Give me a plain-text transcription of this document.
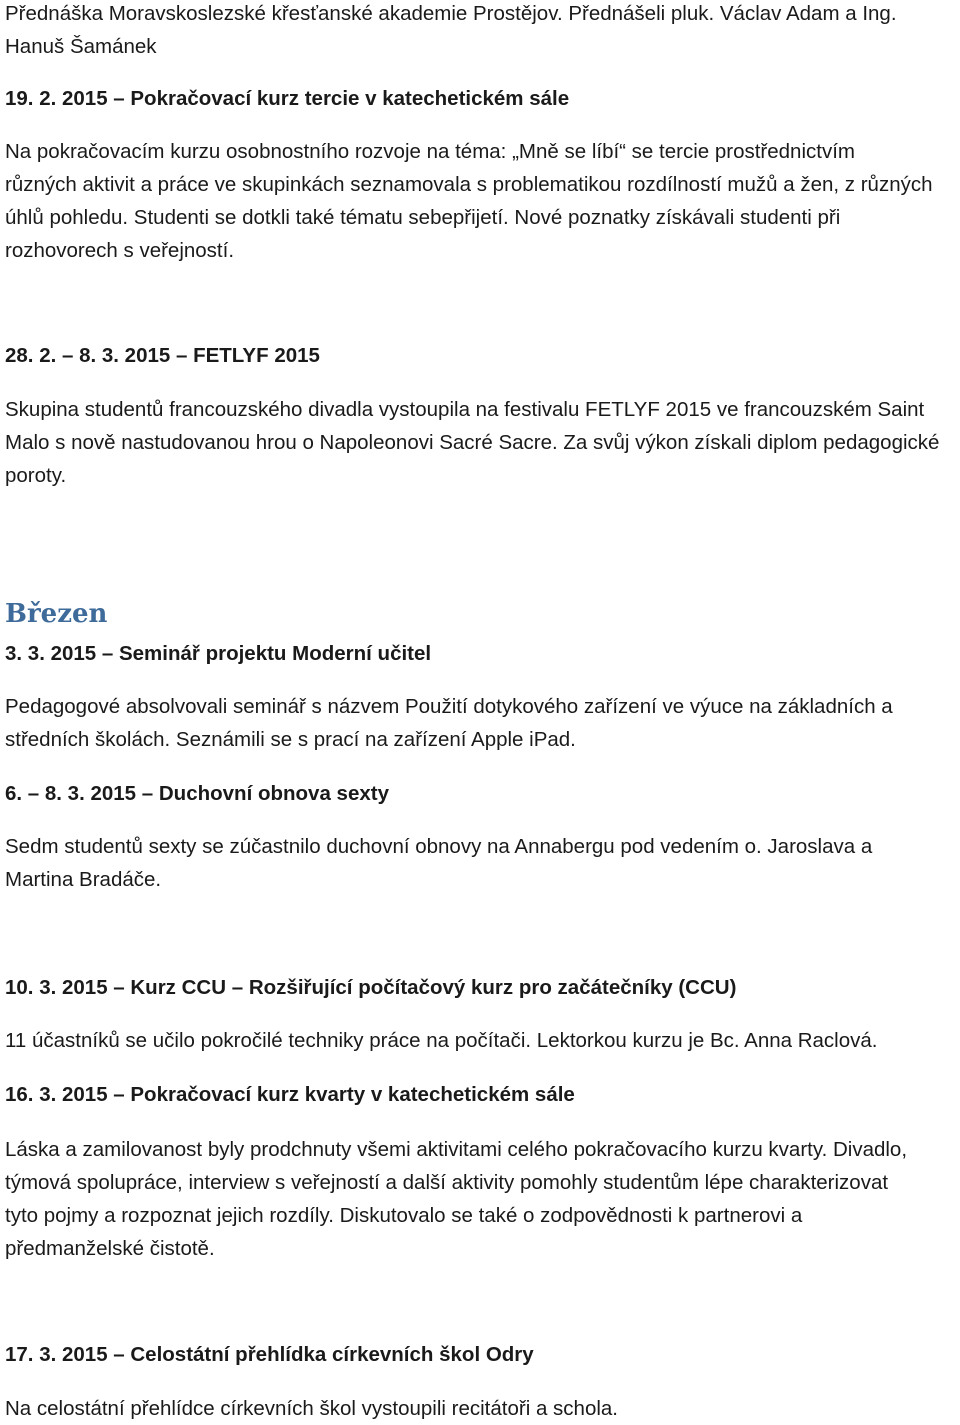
Přednáška Moravskoslezské křesťanské akademie Prostějov. Přednášeli pluk. Václav Adam a Ing.
Hanuš Šamánek

19. 2. 2015 – Pokračovací kurz tercie v katechetickém sále

Na pokračovacím kurzu osobnostního rozvoje na téma: „Mně se líbí“ se tercie prostřednictvím
různých aktivit a práce ve skupinkách seznamovala s problematikou rozdílností mužů a žen, z různých
úhlů pohledu. Studenti se dotkli také tématu sebepřijetí. Nové poznatky získávali studenti při
rozhovorech s veřejností.

28. 2. – 8. 3. 2015 – FETLYF 2015

Skupina studentů francouzského divadla vystoupila na festivalu FETLYF 2015 ve francouzském Saint
Malo s nově nastudovanou hrou o Napoleonovi Sacré Sacre. Za svůj výkon získali diplom pedagogické
poroty.

Březen

3. 3. 2015 – Seminář projektu Moderní učitel

Pedagogové absolvovali seminář s názvem Použití dotykového zařízení ve výuce na základních a
středních školách. Seznámili se s prací na zařízení Apple iPad.

6. – 8. 3. 2015 – Duchovní obnova sexty

Sedm studentů sexty se zúčastnilo duchovní obnovy na Annabergu pod vedením o. Jaroslava a
Martina Bradáče.

10. 3. 2015 – Kurz CCU – Rozšiřující počítačový kurz pro začátečníky (CCU)

11 účastníků se učilo pokročilé techniky práce na počítači. Lektorkou kurzu je Bc. Anna Raclová.

16. 3. 2015 – Pokračovací kurz kvarty v katechetickém sále

Láska a zamilovanost byly prodchnuty všemi aktivitami celého pokračovacího kurzu kvarty. Divadlo,
týmová spolupráce, interview s veřejností a další aktivity pomohly studentům lépe charakterizovat
tyto pojmy a rozpoznat jejich rozdíly. Diskutovalo se také o zodpovědnosti k partnerovi a
předmanželské čistotě.

17. 3. 2015 – Celostátní přehlídka církevních škol Odry

Na celostátní přehlídce církevních škol vystoupili recitátoři a schola.
